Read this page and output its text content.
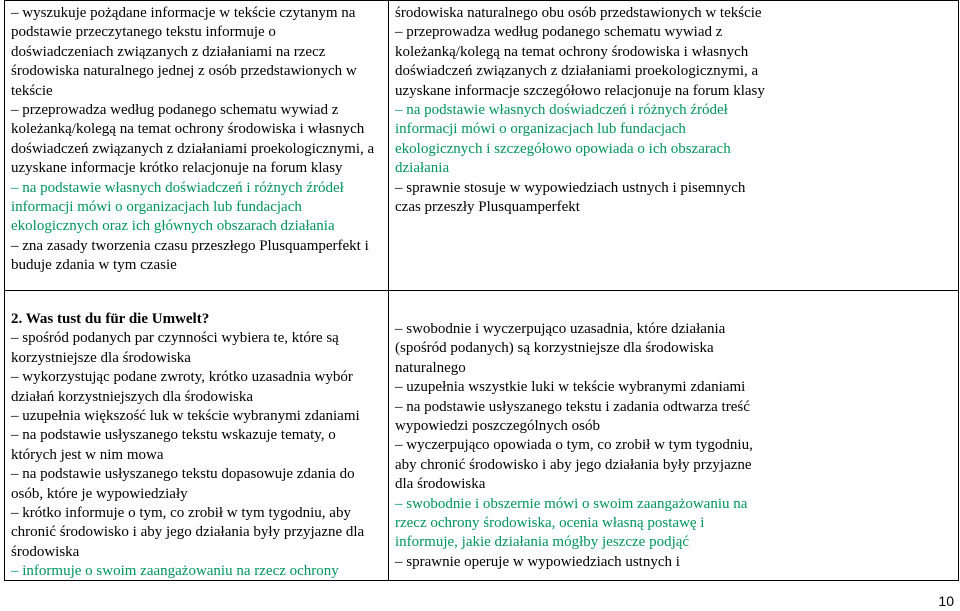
– wyszukuje pożądane informacje w tekście czytanym na podstawie przeczytanego tekstu informuje o doświadczeniach związanych z działaniami na rzecz środowiska naturalnego jednej z osób przedstawionych w tekście

– przeprowadza według podanego schematu wywiad z koleżanką/kolegą na temat ochrony środowiska i własnych doświadczeń związanych z działaniami proekologicznymi, a uzyskane informacje krótko relacjonuje na forum klasy

– na podstawie własnych doświadczeń i różnych źródeł informacji mówi o organizacjach lub fundacjach ekologicznych oraz ich głównych obszarach działania

– zna zasady tworzenia czasu przeszłego Plusquamperfekt i buduje zdania w tym czasie

środowiska naturalnego obu osób przedstawionych w tekście

– przeprowadza według podanego schematu wywiad z koleżanką/kolegą na temat ochrony środowiska i własnych doświadczeń związanych z działaniami proekologicznymi, a uzyskane informacje szczegółowo relacjonuje na forum klasy

– na podstawie własnych doświadczeń i różnych źródeł informacji mówi o organizacjach lub fundacjach ekologicznych i szczegółowo opowiada o ich obszarach działania

– sprawnie stosuje w wypowiedziach ustnych i pisemnych czas przeszły Plusquamperfekt

2. Was tust du für die Umwelt?

– spośród podanych par czynności wybiera te, które są korzystniejsze dla środowiska

– wykorzystując podane zwroty, krótko uzasadnia wybór działań korzystniejszych dla środowiska

– uzupełnia większość luk w tekście wybranymi zdaniami

– na podstawie usłyszanego tekstu wskazuje tematy, o których jest w nim mowa

– na podstawie usłyszanego tekstu dopasowuje zdania do osób, które je wypowiedziały

– krótko informuje o tym, co zrobił w tym tygodniu, aby chronić środowisko i aby jego działania były przyjazne dla środowiska

– informuje o swoim zaangażowaniu na rzecz ochrony

– swobodnie i wyczerpująco uzasadnia, które działania (spośród podanych) są korzystniejsze dla środowiska naturalnego

– uzupełnia wszystkie luki w tekście wybranymi zdaniami

– na podstawie usłyszanego tekstu i zadania odtwarza treść wypowiedzi poszczególnych osób

– wyczerpująco opowiada o tym, co zrobił w tym tygodniu, aby chronić środowisko i aby jego działania były przyjazne dla środowiska

– swobodnie i obszernie mówi o swoim zaangażowaniu na rzecz ochrony środowiska, ocenia własną postawę i informuje, jakie działania mógłby jeszcze podjąć

– sprawnie operuje w wypowiedziach ustnych i

10
